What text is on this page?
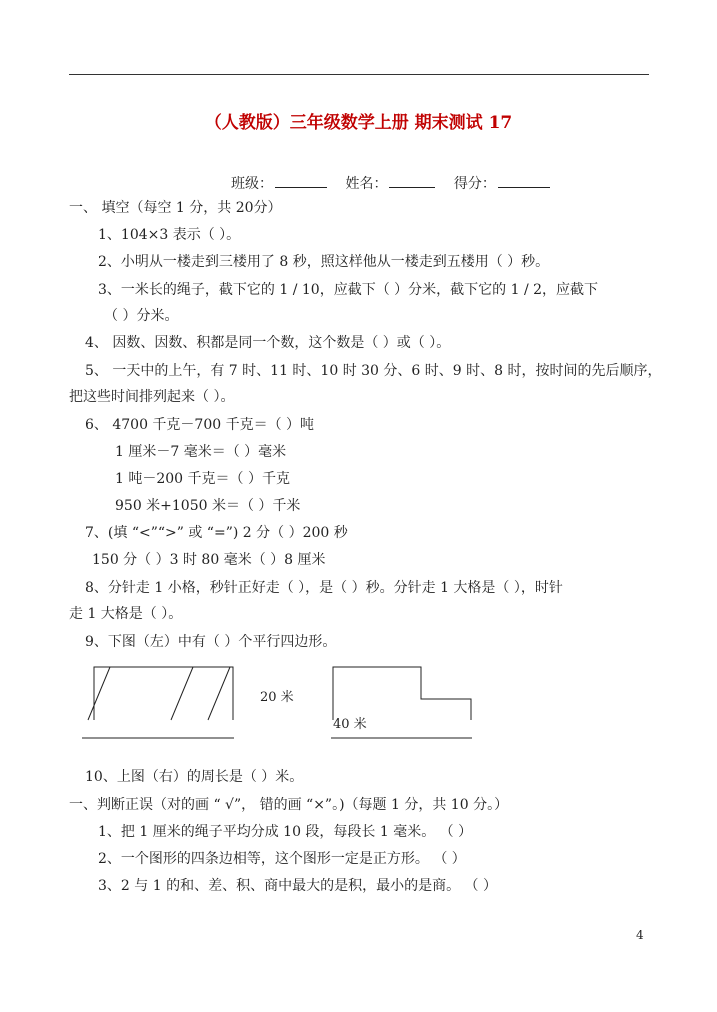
（人教版）三年级数学上册 期末测试 17
班级：	姓名：	得分：
一、 填空（每空 1 分，共 20分）
1、104×3 表示（ ）。
2、小明从一楼走到三楼用了 8 秒，照这样他从一楼走到五楼用（ ）秒。
3、一米长的绳子，截下它的 1 / 10，应截下（ ）分米，截下它的 1 / 2，应截下
（ ）分米。
4、 因数、因数、积都是同一个数，这个数是（ ）或（ ）。
5、 一天中的上午，有 7 时、11 时、10 时 30 分、6 时、9 时、8 时，按时间的先后顺序，
把这些时间排列起来（ ）。
6、 4700 千克－700 千克＝（ ）吨
1 厘米－7 毫米＝（ ）毫米
1 吨－200 千克＝（ ）千克
950 米+1050 米＝（ ）千米
7、(填 “<”“>” 或 “=”) 2 分（ ）200 秒
150 分（ ）3 时 80 毫米（ ）8 厘米
8、分针走 1 小格，秒针正好走（ ），是（ ）秒。分针走 1 大格是（ ），时针
走 1 大格是（ ）。
9、下图（左）中有（ ）个平行四边形。
20 米
40 米
10、上图（右）的周长是（ ）米。
一、判断正误（对的画 “ √”， 错的画 “×”。)（每题 1 分，共 10 分。）
1、把 1 厘米的绳子平均分成 10 段，每段长 1 毫米。 （ ）
2、一个图形的四条边相等，这个图形一定是正方形。 （ ）
3、2 与 1 的和、差、积、商中最大的是积，最小的是商。 （ ）
4
